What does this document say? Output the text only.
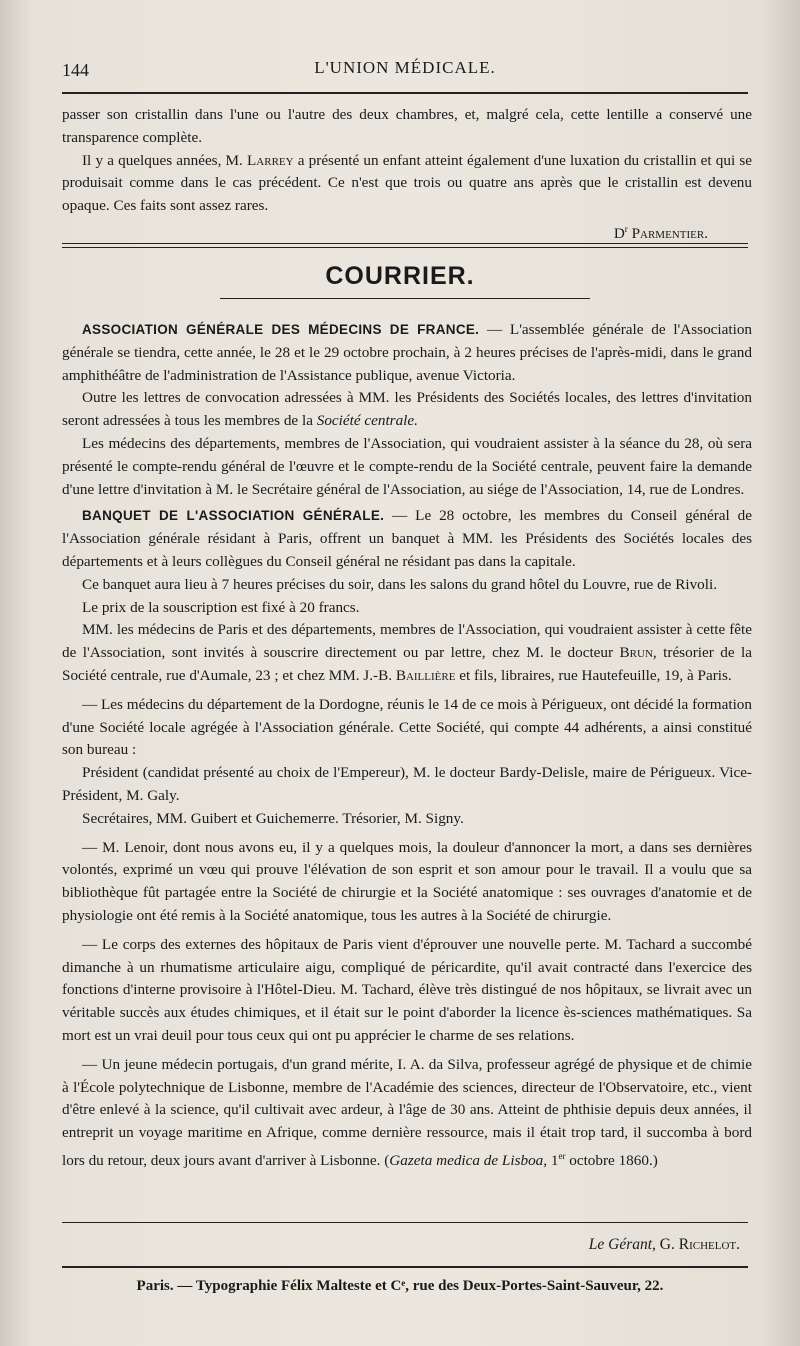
144	L'UNION MÉDICALE.

passer son cristallin dans l'une ou l'autre des deux chambres, et, malgré cela, cette lentille a conservé une transparence complète.

Il y a quelques années, M. Larrey a présenté un enfant atteint également d'une luxation du cristallin et qui se produisait comme dans le cas précédent. Ce n'est que trois ou quatre ans après que le cristallin est devenu opaque. Ces faits sont assez rares.

$D^r$ Parmentier.

COURRIER.

ASSOCIATION GÉNÉRALE DES MÉDECINS DE FRANCE. — L'assemblée générale de l'Association générale se tiendra, cette année, le 28 et le 29 octobre prochain, à 2 heures précises de l'après-midi, dans le grand amphithéâtre de l'administration de l'Assistance publique, avenue Victoria.

Outre les lettres de convocation adressées à MM. les Présidents des Sociétés locales, des lettres d'invitation seront adressées à tous les membres de la Société centrale.

Les médecins des départements, membres de l'Association, qui voudraient assister à la séance du 28, où sera présenté le compte-rendu général de l'œuvre et le compte-rendu de la Société centrale, peuvent faire la demande d'une lettre d'invitation à M. le Secrétaire général de l'Association, au siége de l'Association, 14, rue de Londres.

BANQUET DE L'ASSOCIATION GÉNÉRALE. — Le 28 octobre, les membres du Conseil général de l'Association générale résidant à Paris, offrent un banquet à MM. les Présidents des Sociétés locales des départements et à leurs collègues du Conseil général ne résidant pas dans la capitale.

Ce banquet aura lieu à 7 heures précises du soir, dans les salons du grand hôtel du Louvre, rue de Rivoli.

Le prix de la souscription est fixé à 20 francs.

MM. les médecins de Paris et des départements, membres de l'Association, qui voudraient assister à cette fête de l'Association, sont invités à souscrire directement ou par lettre, chez M. le docteur Brun, trésorier de la Société centrale, rue d'Aumale, 23 ; et chez MM. J.-B. Baillière et fils, libraires, rue Hautefeuille, 19, à Paris.

— Les médecins du département de la Dordogne, réunis le 14 de ce mois à Périgueux, ont décidé la formation d'une Société locale agrégée à l'Association générale. Cette Société, qui compte 44 adhérents, a ainsi constitué son bureau :

Président (candidat présenté au choix de l'Empereur), M. le docteur Bardy-Delisle, maire de Périgueux. Vice-Président, M. Galy.

Secrétaires, MM. Guibert et Guichemerre. Trésorier, M. Signy.

— M. Lenoir, dont nous avons eu, il y a quelques mois, la douleur d'annoncer la mort, a dans ses dernières volontés, exprimé un vœu qui prouve l'élévation de son esprit et son amour pour le travail. Il a voulu que sa bibliothèque fût partagée entre la Société de chirurgie et la Société anatomique : ses ouvrages d'anatomie et de physiologie ont été remis à la Société anatomique, tous les autres à la Société de chirurgie.

— Le corps des externes des hôpitaux de Paris vient d'éprouver une nouvelle perte. M. Tachard a succombé dimanche à un rhumatisme articulaire aigu, compliqué de péricardite, qu'il avait contracté dans l'exercice des fonctions d'interne provisoire à l'Hôtel-Dieu. M. Tachard, élève très distingué de nos hôpitaux, se livrait avec un véritable succès aux études chimiques, et il était sur le point d'aborder la licence ès-sciences mathématiques. Sa mort est un vrai deuil pour tous ceux qui ont pu apprécier le charme de ses relations.

— Un jeune médecin portugais, d'un grand mérite, I. A. da Silva, professeur agrégé de physique et de chimie à l'École polytechnique de Lisbonne, membre de l'Académie des sciences, directeur de l'Observatoire, etc., vient d'être enlevé à la science, qu'il cultivait avec ardeur, à l'âge de 30 ans. Atteint de phthisie depuis deux années, il entreprit un voyage maritime en Afrique, comme dernière ressource, mais il était trop tard, il succomba à bord lors du retour, deux jours avant d'arriver à Lisbonne. (Gazeta medica de Lisboa, 1er octobre 1860.)

Le Gérant, G. Richelot.
Paris. — Typographie Félix Malteste et Cᵉ, rue des Deux-Portes-Saint-Sauveur, 22.
